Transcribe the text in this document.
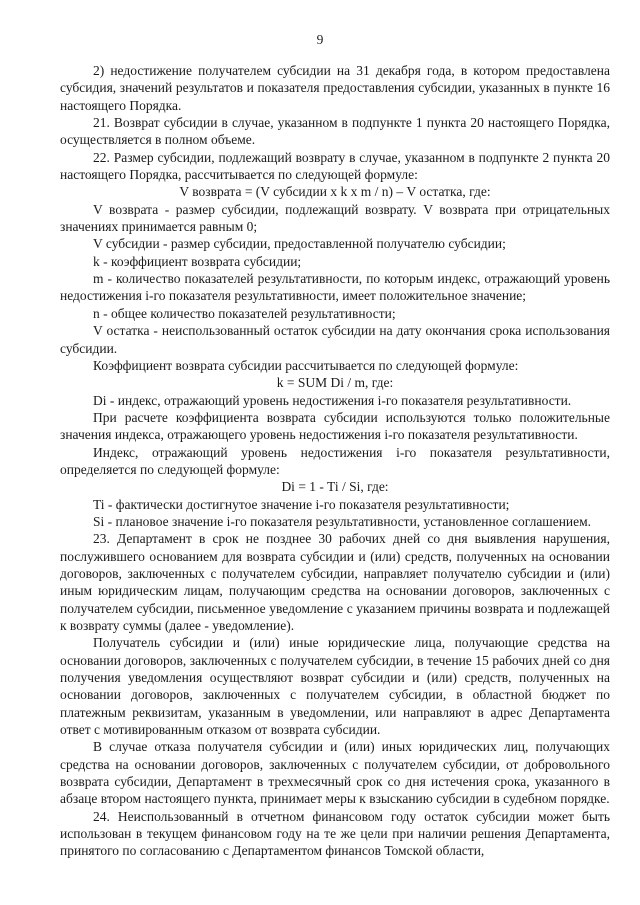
9

2) недостижение получателем субсидии на 31 декабря года, в котором предоставлена субсидия, значений результатов и показателя предоставления субсидии, указанных в пункте 16 настоящего Порядка.

21. Возврат субсидии в случае, указанном в подпункте 1 пункта 20 настоящего Порядка, осуществляется в полном объеме.

22. Размер субсидии, подлежащий возврату в случае, указанном в подпункте 2 пункта 20 настоящего Порядка, рассчитывается по следующей формуле:

V возврата = (V субсидии x k x m / n) – V остатка, где:

V возврата - размер субсидии, подлежащий возврату. V возврата при отрицательных значениях принимается равным 0;

V субсидии - размер субсидии, предоставленной получателю субсидии;

k - коэффициент возврата субсидии;

m - количество показателей результативности, по которым индекс, отражающий уровень недостижения i-го показателя результативности, имеет положительное значение;

n - общее количество показателей результативности;

V остатка - неиспользованный остаток субсидии на дату окончания срока использования субсидии.

Коэффициент возврата субсидии рассчитывается по следующей формуле:

k = SUM Di / m, где:

Di - индекс, отражающий уровень недостижения i-го показателя результативности.

При расчете коэффициента возврата субсидии используются только положительные значения индекса, отражающего уровень недостижения i-го показателя результативности.

Индекс, отражающий уровень недостижения i-го показателя результативности, определяется по следующей формуле:

Di = 1 - Ti / Si, где:

Ti - фактически достигнутое значение i-го показателя результативности;

Si - плановое значение i-го показателя результативности, установленное соглашением.

23. Департамент в срок не позднее 30 рабочих дней со дня выявления нарушения, послужившего основанием для возврата субсидии и (или) средств, полученных на основании договоров, заключенных с получателем субсидии, направляет получателю субсидии и (или) иным юридическим лицам, получающим средства на основании договоров, заключенных с получателем субсидии, письменное уведомление с указанием причины возврата и подлежащей к возврату суммы (далее - уведомление).

Получатель субсидии и (или) иные юридические лица, получающие средства на основании договоров, заключенных с получателем субсидии, в течение 15 рабочих дней со дня получения уведомления осуществляют возврат субсидии и (или) средств, полученных на основании договоров, заключенных с получателем субсидии, в областной бюджет по платежным реквизитам, указанным в уведомлении, или направляют в адрес Департамента ответ с мотивированным отказом от возврата субсидии.

В случае отказа получателя субсидии и (или) иных юридических лиц, получающих средства на основании договоров, заключенных с получателем субсидии, от добровольного возврата субсидии, Департамент в трехмесячный срок со дня истечения срока, указанного в абзаце втором настоящего пункта, принимает меры к взысканию субсидии в судебном порядке.

24. Неиспользованный в отчетном финансовом году остаток субсидии может быть использован в текущем финансовом году на те же цели при наличии решения Департамента, принятого по согласованию с Департаментом финансов Томской области,
